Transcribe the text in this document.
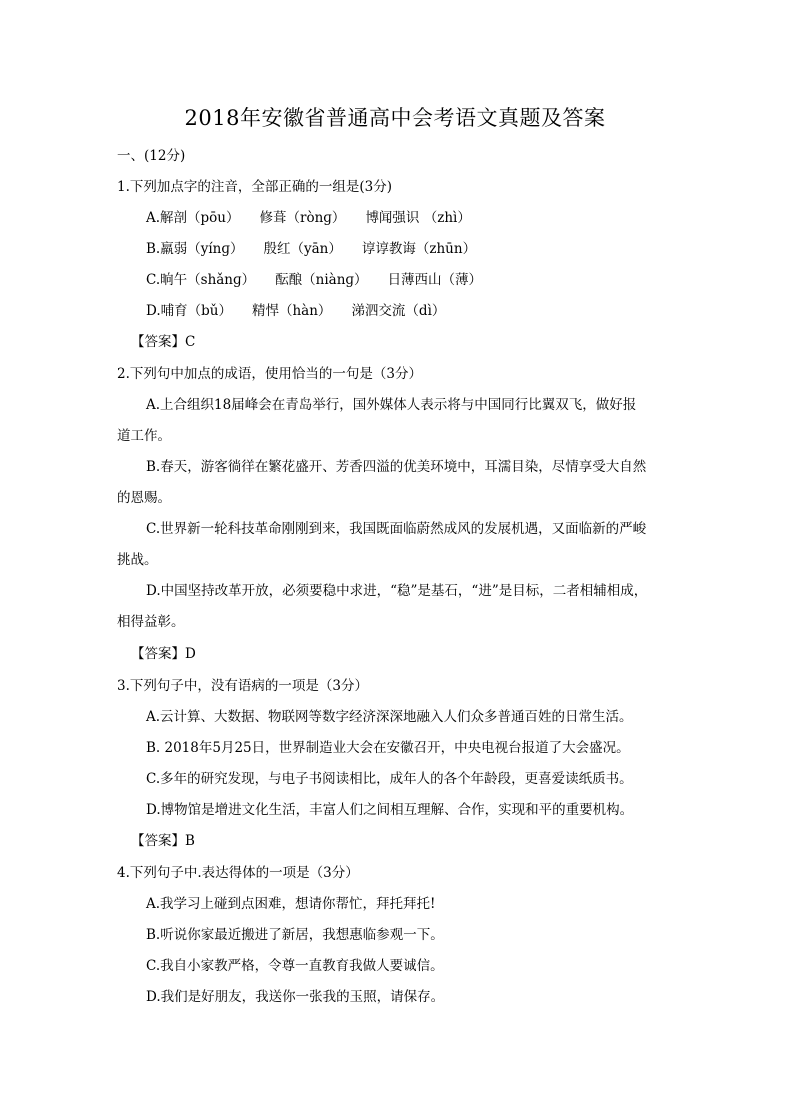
2018年安徽省普通高中会考语文真题及答案
一、(12分)
1.下列加点字的注音，全部正确的一组是(3分)
A.解剖（pōu） 修葺（rònɡ） 博闻强识 （zhì）
B.羸弱（yínɡ） 殷红（yān） 谆谆教诲（zhūn）
C.晌午（shǎnɡ） 酝酿（niànɡ） 日薄西山（薄）
D.哺育（bǔ） 精悍（hàn） 涕泗交流（dì）
【答案】C
2.下列句中加点的成语，使用恰当的一句是（3分）
A.上合组织18届峰会在青岛举行，国外媒体人表示将与中国同行比翼双飞，做好报
道工作。
B.春天，游客徜徉在繁花盛开、芳香四溢的优美环境中，耳濡目染，尽情享受大自然
的恩赐。
C.世界新一轮科技革命刚刚到来，我国既面临蔚然成风的发展机遇，又面临新的严峻
挑战。
D.中国坚持改革开放，必须要稳中求进，“稳”是基石，“进”是目标，二者相辅相成，
相得益彰。
【答案】D
3.下列句子中，没有语病的一项是（3分）
A.云计算、大数据、物联网等数字经济深深地融入人们众多普通百姓的日常生活。
B. 2018年5月25日，世界制造业大会在安徽召开，中央电视台报道了大会盛况。
C.多年的研究发现，与电子书阅读相比，成年人的各个年龄段，更喜爱读纸质书。
D.博物馆是增进文化生活，丰富人们之间相互理解、合作，实现和平的重要机构。
【答案】B
4.下列句子中.表达得体的一项是（3分）
A.我学习上碰到点困难，想请你帮忙，拜托拜托!
B.听说你家最近搬进了新居，我想惠临参观一下。
C.我自小家教严格，令尊一直教育我做人要诚信。
D.我们是好朋友，我送你一张我的玉照，请保存。
